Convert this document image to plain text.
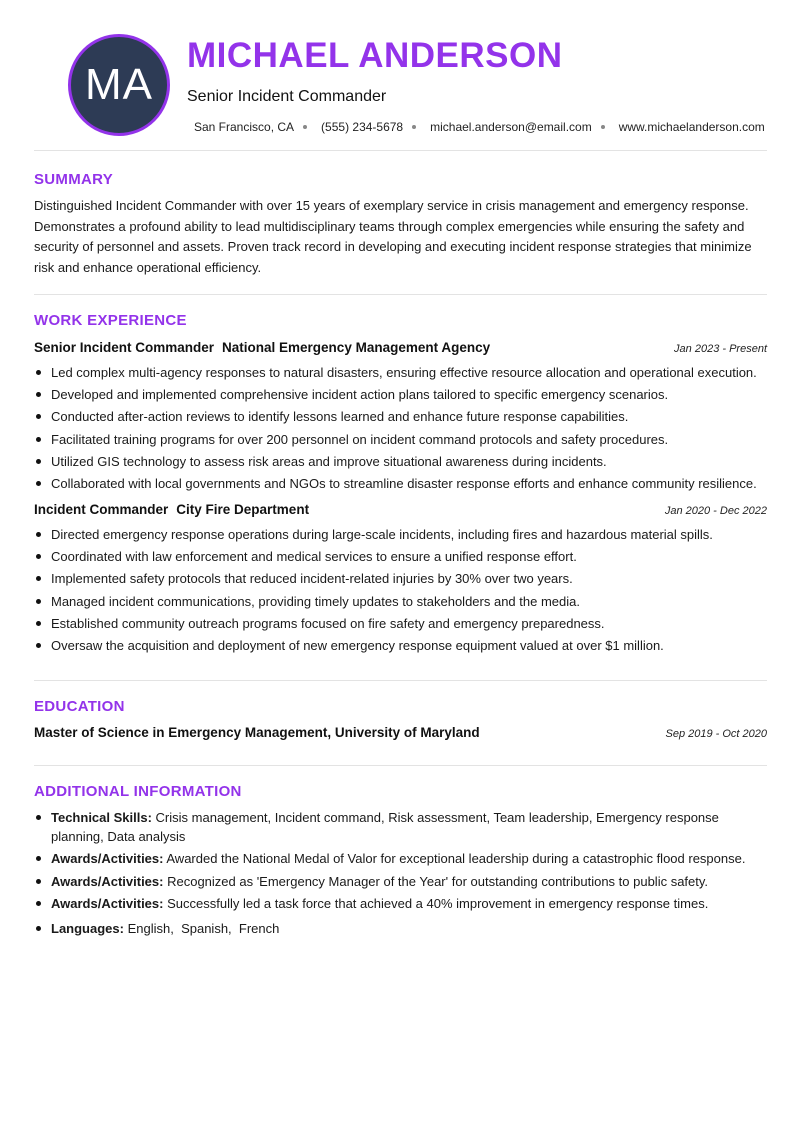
MA
MICHAEL ANDERSON
Senior Incident Commander
San Francisco, CA (555) 234-5678 michael.anderson@email.com www.michaelanderson.com
SUMMARY

Distinguished Incident Commander with over 15 years of exemplary service in crisis management and emergency response. Demonstrates a profound ability to lead multidisciplinary teams through complex emergencies while ensuring the safety and security of personnel and assets. Proven track record in developing and executing incident response strategies that minimize risk and enhance operational efficiency.

WORK EXPERIENCE
Senior Incident Commander National Emergency Management Agency	Jan 2023 - Present
Led complex multi-agency responses to natural disasters, ensuring effective resource allocation and operational execution.
Developed and implemented comprehensive incident action plans tailored to specific emergency scenarios.
Conducted after-action reviews to identify lessons learned and enhance future response capabilities.
Facilitated training programs for over 200 personnel on incident command protocols and safety procedures.
Utilized GIS technology to assess risk areas and improve situational awareness during incidents.
Collaborated with local governments and NGOs to streamline disaster response efforts and enhance community resilience.
Incident Commander City Fire Department	Jan 2020 - Dec 2022
Directed emergency response operations during large-scale incidents, including fires and hazardous material spills.
Coordinated with law enforcement and medical services to ensure a unified response effort.
Implemented safety protocols that reduced incident-related injuries by 30% over two years.
Managed incident communications, providing timely updates to stakeholders and the media.
Established community outreach programs focused on fire safety and emergency preparedness.
Oversaw the acquisition and deployment of new emergency response equipment valued at over $1 million.
EDUCATION
Master of Science in Emergency Management, University of Maryland	Sep 2019 - Oct 2020
ADDITIONAL INFORMATION
Technical Skills: Crisis management, Incident command, Risk assessment, Team leadership, Emergency response planning, Data analysis
Awards/Activities: Awarded the National Medal of Valor for exceptional leadership during a catastrophic flood response.
Awards/Activities: Recognized as 'Emergency Manager of the Year' for outstanding contributions to public safety.
Awards/Activities: Successfully led a task force that achieved a 40% improvement in emergency response times.
Languages: English,  Spanish,  French
